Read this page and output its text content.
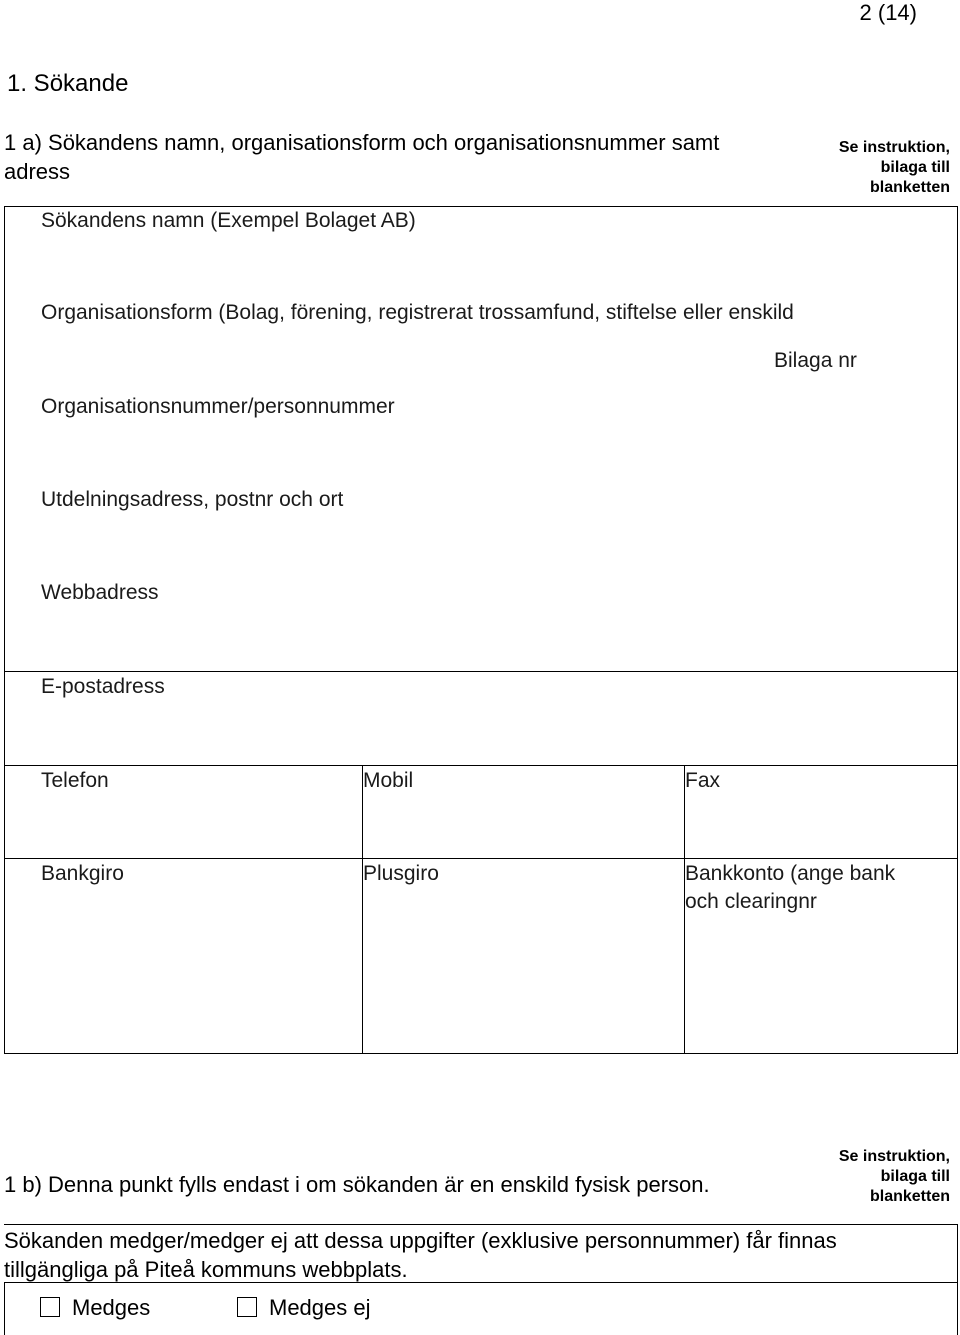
2 (14)
1. Sökande
1 a) Sökandens namn, organisationsform och organisationsnummer samt
adress
Se instruktion,
bilaga till
blanketten
Sökandens namn (Exempel Bolaget AB)
Organisationsform (Bolag, förening, registrerat trossamfund, stiftelse eller enskild
Bilaga nr
Organisationsnummer/personnummer
Utdelningsadress, postnr och ort
Webbadress
E-postadress
Telefon	Mobil	Fax
Bankgiro	Plusgiro	Bankkonto (ange bank
och clearingnr
1 b) Denna punkt fylls endast i om sökanden är en enskild fysisk person.
Se instruktion,
bilaga till
blanketten
Sökanden medger/medger ej att dessa uppgifter (exklusive personnummer) får finnas
tillgängliga på Piteå kommuns webbplats.
Medges	Medges ej
